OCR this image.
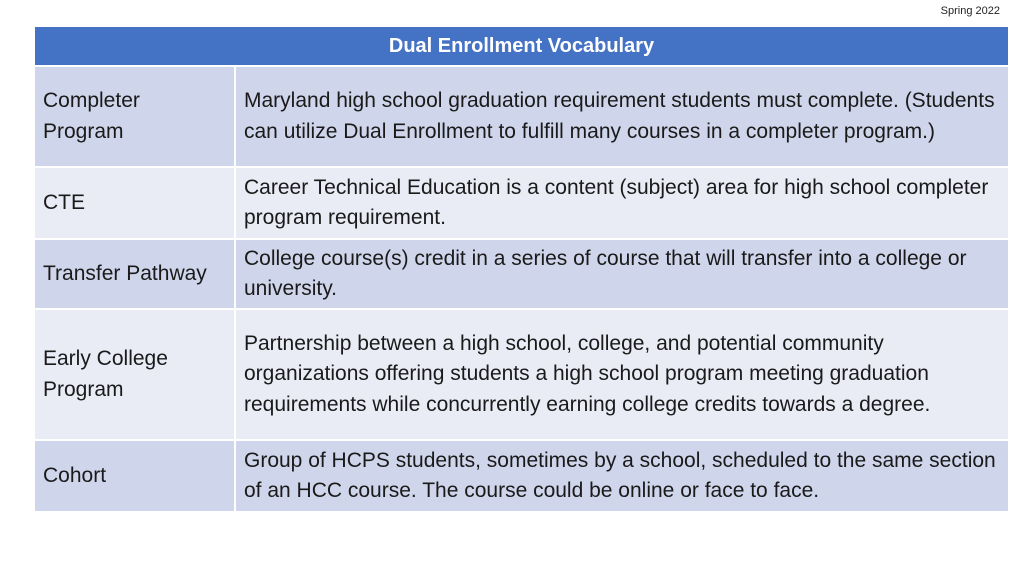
Spring 2022
Dual Enrollment Vocabulary	
Completer Program	Maryland high school graduation requirement students must complete. (Students can utilize Dual Enrollment to fulfill many courses in a completer program.)
CTE	Career Technical Education is a content (subject) area for high school completer program requirement.
Transfer Pathway	College course(s) credit in a series of course that will transfer into a college or university.
Early College Program	Partnership between a high school, college, and potential community organizations offering students a high school program meeting graduation requirements while concurrently earning college credits towards a degree.
Cohort	Group of HCPS students, sometimes by a school, scheduled to the same section of an HCC course. The course could be online or face to face.
